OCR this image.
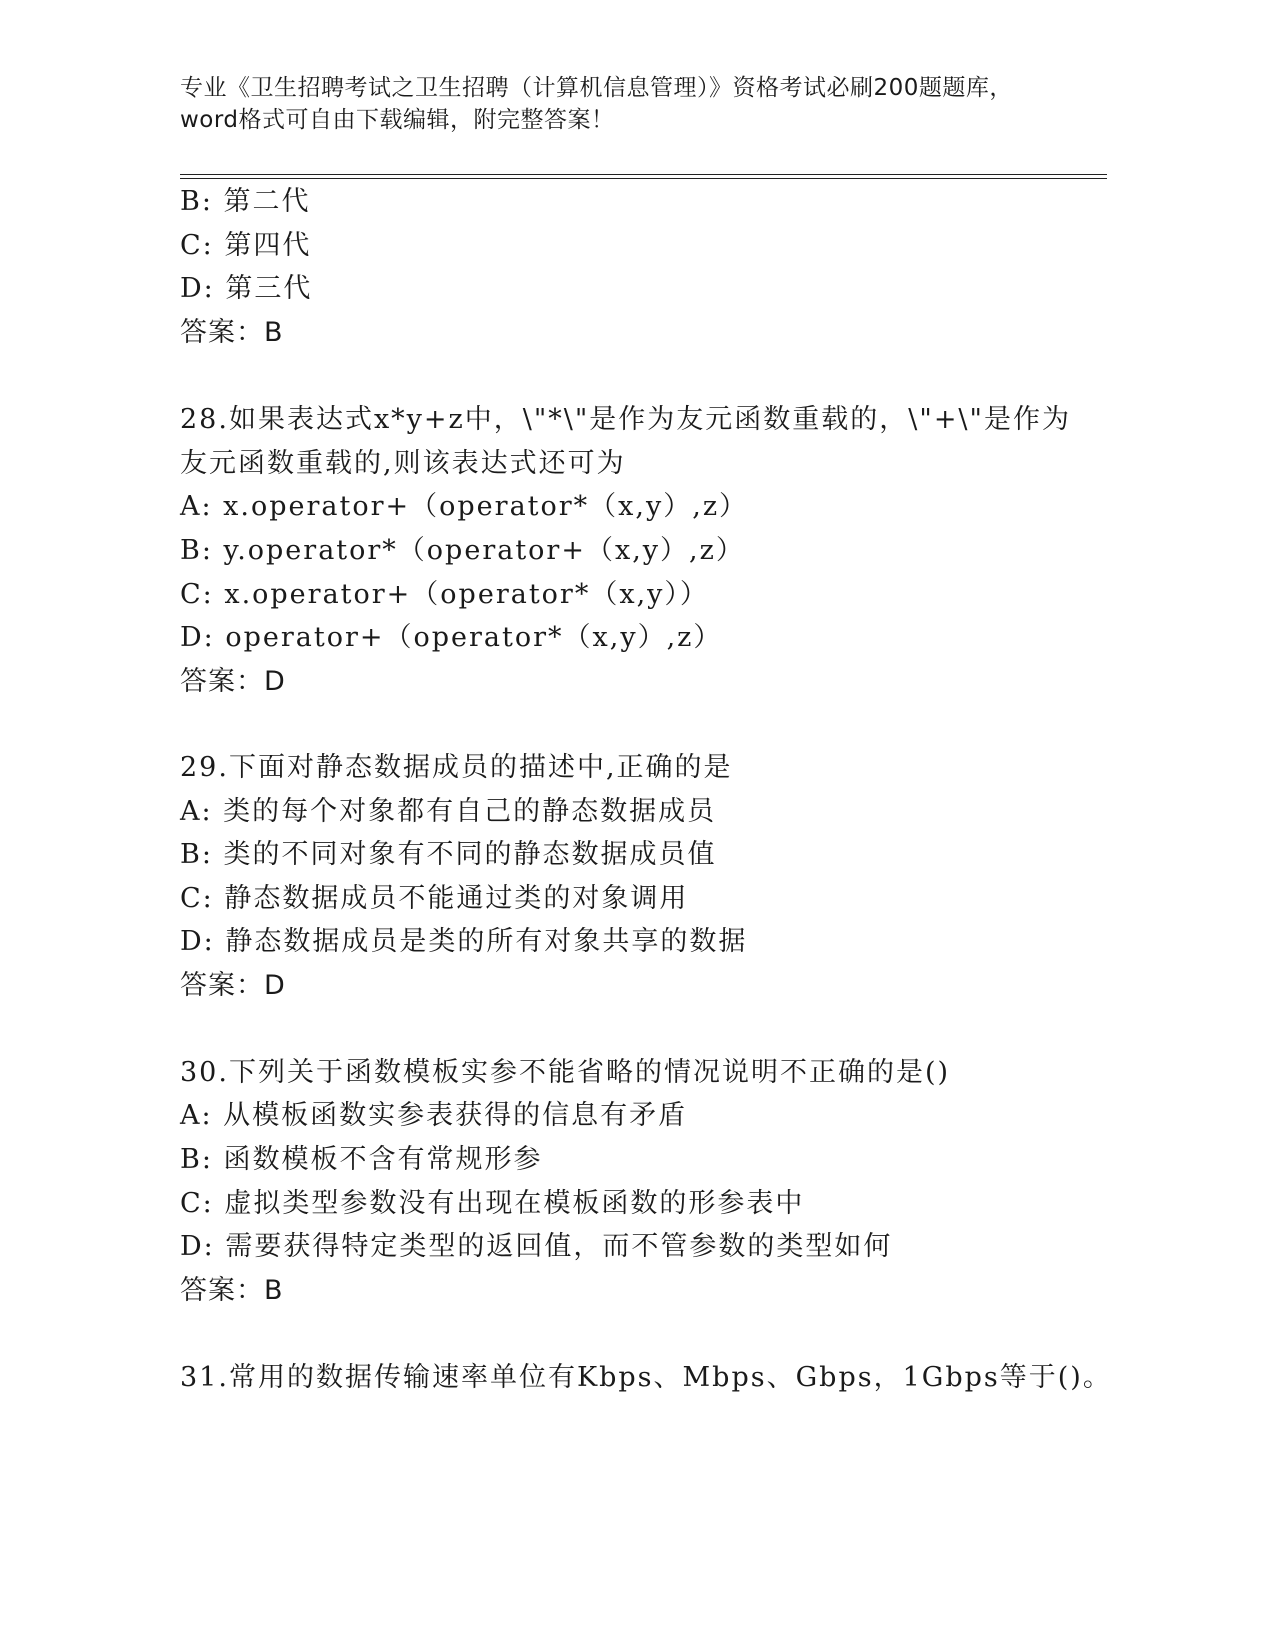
专业《卫生招聘考试之卫生招聘（计算机信息管理）》资格考试必刷200题题库，
word格式可自由下载编辑，附完整答案！
B: 第二代
C: 第四代
D: 第三代
答案：B
28.如果表达式x*y+z中，\"*\"是作为友元函数重载的，\"+\"是作为
友元函数重载的,则该表达式还可为
A: x.operator+（operator*（x,y）,z）
B: y.operator*（operator+（x,y）,z）
C: x.operator+（operator*（x,y））
D: operator+（operator*（x,y）,z）
答案：D
29.下面对静态数据成员的描述中,正确的是
A: 类的每个对象都有自己的静态数据成员
B: 类的不同对象有不同的静态数据成员值
C: 静态数据成员不能通过类的对象调用
D: 静态数据成员是类的所有对象共享的数据
答案：D
30.下列关于函数模板实参不能省略的情况说明不正确的是()
A: 从模板函数实参表获得的信息有矛盾
B: 函数模板不含有常规形参
C: 虚拟类型参数没有出现在模板函数的形参表中
D: 需要获得特定类型的返回值，而不管参数的类型如何
答案：B
31.常用的数据传输速率单位有Kbps、Mbps、Gbps，1Gbps等于()。
